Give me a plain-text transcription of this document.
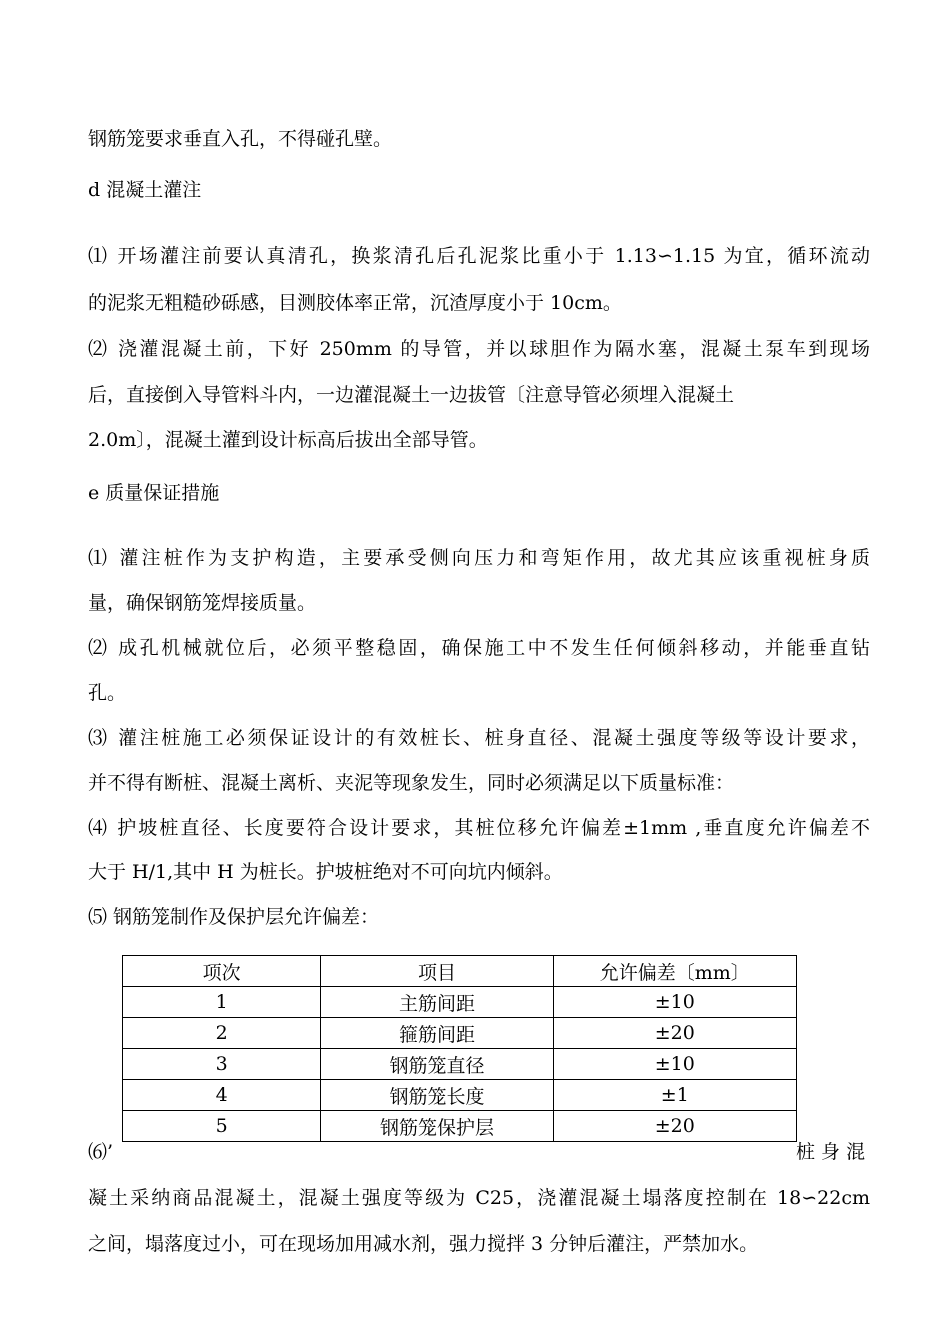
钢筋笼要求垂直入孔，不得碰孔壁。
d 混凝土灌注
⑴ 开场灌注前要认真清孔，换浆清孔后孔泥浆比重小于 1.13∽1.15 为宜，循环流动
的泥浆无粗糙砂砾感，目测胶体率正常，沉渣厚度小于 10cm。
⑵ 浇灌混凝土前，下好 250mm 的导管，并以球胆作为隔水塞，混凝土泵车到现场
后，直接倒入导管料斗内，一边灌混凝土一边拔管〔注意导管必须埋入混凝土
2.0m〕，混凝土灌到设计标高后拔出全部导管。
e 质量保证措施
⑴ 灌注桩作为支护构造，主要承受侧向压力和弯矩作用，故尤其应该重视桩身质
量，确保钢筋笼焊接质量。
⑵ 成孔机械就位后，必须平整稳固，确保施工中不发生任何倾斜移动，并能垂直钻
孔。
⑶ 灌注桩施工必须保证设计的有效桩长、桩身直径、混凝土强度等级等设计要求，
并不得有断桩、混凝土离析、夹泥等现象发生，同时必须满足以下质量标准：
⑷ 护坡桩直径、长度要符合设计要求，其桩位移允许偏差±1mm ,垂直度允许偏差不
大于 H/1,其中 H 为桩长。护坡桩绝对不可向坑内倾斜。
⑸ 钢筋笼制作及保护层允许偏差：
项次	项目	允许偏差〔mm〕
1	主筋间距	±10
2	箍筋间距	±20
3	钢筋笼直径	±10
4	钢筋笼长度	±1
5	钢筋笼保护层	±20
⑹’	桩 身 混
凝土采纳商品混凝土，混凝土强度等级为 C25，浇灌混凝土塌落度控制在 18∽22cm
之间，塌落度过小，可在现场加用减水剂，强力搅拌 3 分钟后灌注，严禁加水。
